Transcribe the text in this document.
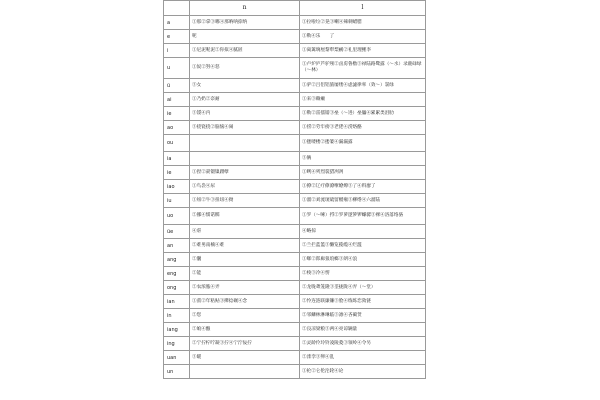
	n	l
a	①那②拿③哪④那呐呐捺纳	①拉啦垃②晃③喇④辣刺蜡腊
e	呢	①勒④乐　　了
i	①尼泥呢泥②你拟④腻匿	①离篱璃厘黎犁梨鹂②礼里理鲤李
u	①奴②努④怒	①卢炉庐芦驴颅②卤虏鲁橹③禄陆路鹭露（～水）录鹿碌绿（～林）
ü	③女	①驴②吕侣铝旅屡缕④虑滤律率（效～）氯绿
ai	①乃奶②奈耐	①来③赖癞
ie	③馁④内	①勒②雷擂镭③垒（～进）垒儡④累累类泪肋
ao	③挠铙挠②脑恼④闹	①捞②劳牢痨③老佬④涝烙酪
ou		①搂喽楼②搂篓④漏漏露
ia		③俩
ie	①捏②聂镊镍蹑孽	①咧④列烈裂猎冽冽
iao	①鸟袅④尿	①撩②辽疗僚潦嘹缭燎③了④料廖了
iu	①妞②牛③扭纽④拗	①溜②刘流琉硫留榴瘤③柳绺④六溜陆
uo	②挪④懦诺糯	①罗（～嗦）捋②罗萝逻箩锣螺骡③裸④洛落络骆
üe	④虐	④略掠
an	②难男南楠④难	②兰拦蓝篮③懒览揽缆④烂滥
ang	②囊	①啷②郎廊狼琅榔③朗④浪
eng	②能	②棱③冷④愣
ong	②农浓脓④弄	②龙咙聋笼隆③垄拢陇④弄（～堂）
ian	①蔫②年粘鲇③撵捻碾④念	②怜连涟联廉镰③脸④练炼恋敛链
in	②您	②邻鳞林淋琳临③凛④吝蔺赁
iang	②娘④酿	②良凉梁粮③两④亮谅辆量
ing	②宁拧柠咛凝③拧④宁泞佞拧	②灵龄伶玲铃凌陵菱③领岭④令另
uan	③暖	②滦孪③卵④乱
un		①抡②仑伦沦轮④论
